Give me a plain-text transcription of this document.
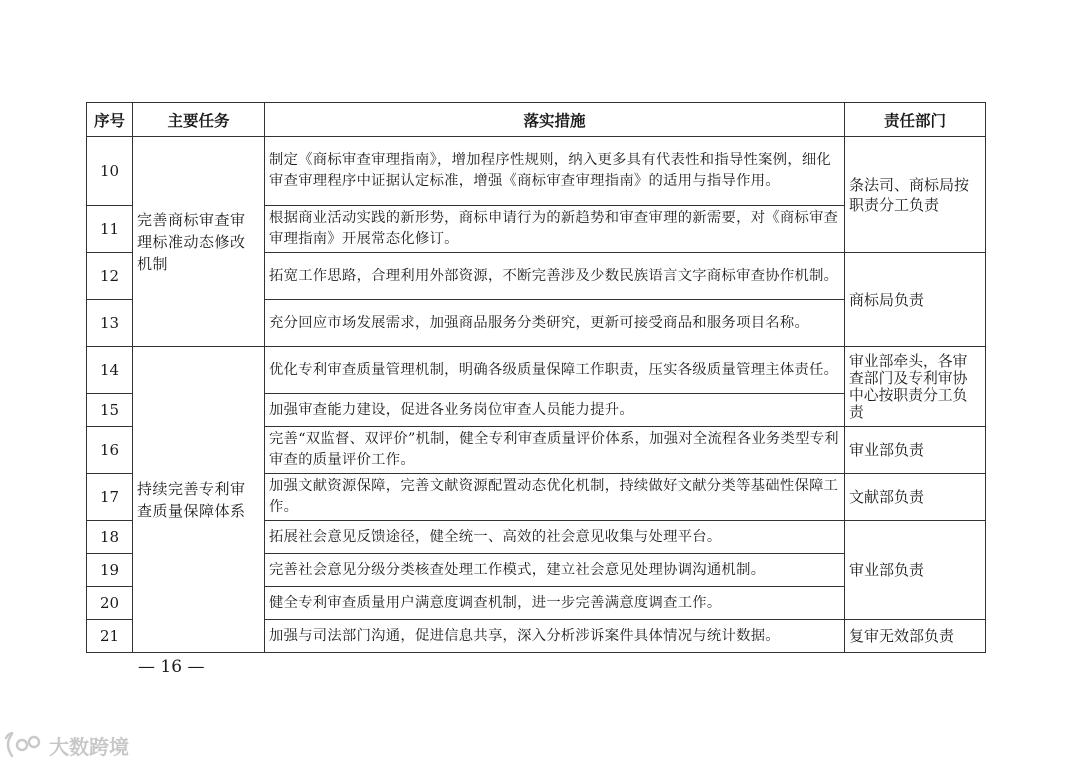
序号	主要任务	落实措施	责任部门
10	完善商标审查审理标准动态修改机制	制定《商标审查审理指南》，增加程序性规则，纳入更多具有代表性和指导性案例，细化审查审理程序中证据认定标准，增强《商标审查审理指南》的适用与指导作用。	条法司、商标局按职责分工负责
11		根据商业活动实践的新形势，商标申请行为的新趋势和审查审理的新需要，对《商标审查审理指南》开展常态化修订。	
12		拓宽工作思路，合理利用外部资源，不断完善涉及少数民族语言文字商标审查协作机制。	商标局负责
13		充分回应市场发展需求，加强商品服务分类研究，更新可接受商品和服务项目名称。	
14	持续完善专利审查质量保障体系	优化专利审查质量管理机制，明确各级质量保障工作职责，压实各级质量管理主体责任。	审业部牵头，各审查部门及专利审协中心按职责分工负责
15		加强审查能力建设，促进各业务岗位审查人员能力提升。	
16		完善“双监督、双评价”机制，健全专利审查质量评价体系，加强对全流程各业务类型专利审查的质量评价工作。	审业部负责
17		加强文献资源保障，完善文献资源配置动态优化机制，持续做好文献分类等基础性保障工作。	文献部负责
18		拓展社会意见反馈途径，健全统一、高效的社会意见收集与处理平台。	审业部负责
19		完善社会意见分级分类核查处理工作模式，建立社会意见处理协调沟通机制。	
20		健全专利审查质量用户满意度调查机制，进一步完善满意度调查工作。	
21		加强与司法部门沟通，促进信息共享，深入分析涉诉案件具体情况与统计数据。	复审无效部负责
— 16 —
大数跨境
